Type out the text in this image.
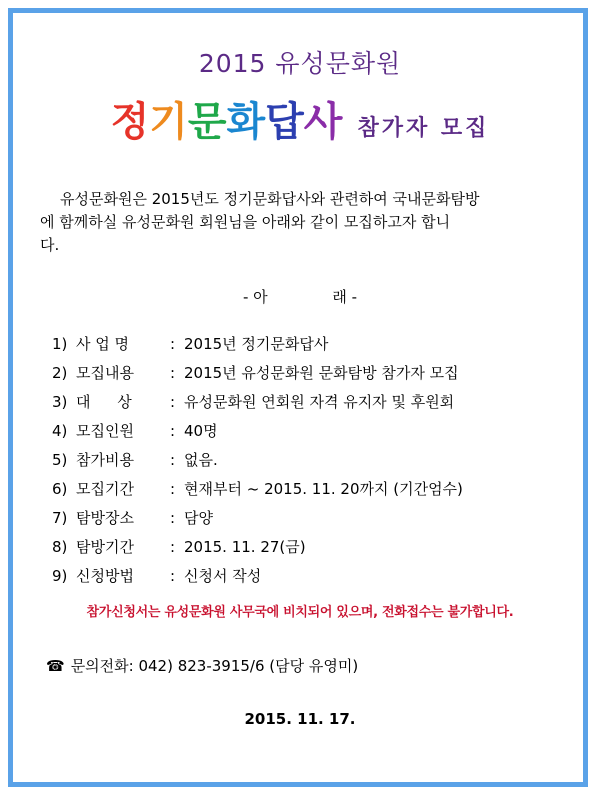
2015 유성문화원
정기문화답사 참가자 모집
유성문화원은 2015년도 정기문화답사와 관련하여 국내문화탐방
에 함께하실 유성문화원 회원님을 아래와 같이 모집하고자 합니
다.
- 아	래 -
1) 사 업 명	: 2015년 정기문화답사
2) 모집내용 : 2015년 유성문화원 문화탐방 참가자 모집
3) 대 상	: 유성문화원 연회원 자격 유지자 및 후원회
4) 모집인원 : 40명
5) 참가비용 : 없음.
6) 모집기간 : 현재부터 ~ 2015. 11. 20까지 (기간엄수)
7) 탐방장소 : 담양
8) 탐방기간 : 2015. 11. 27(금)
9) 신청방법 : 신청서 작성
참가신청서는 유성문화원 사무국에 비치되어 있으며, 전화접수는 불가합니다.
☎ 문의전화: 042) 823-3915/6 (담당 유영미)
2015. 11. 17.
